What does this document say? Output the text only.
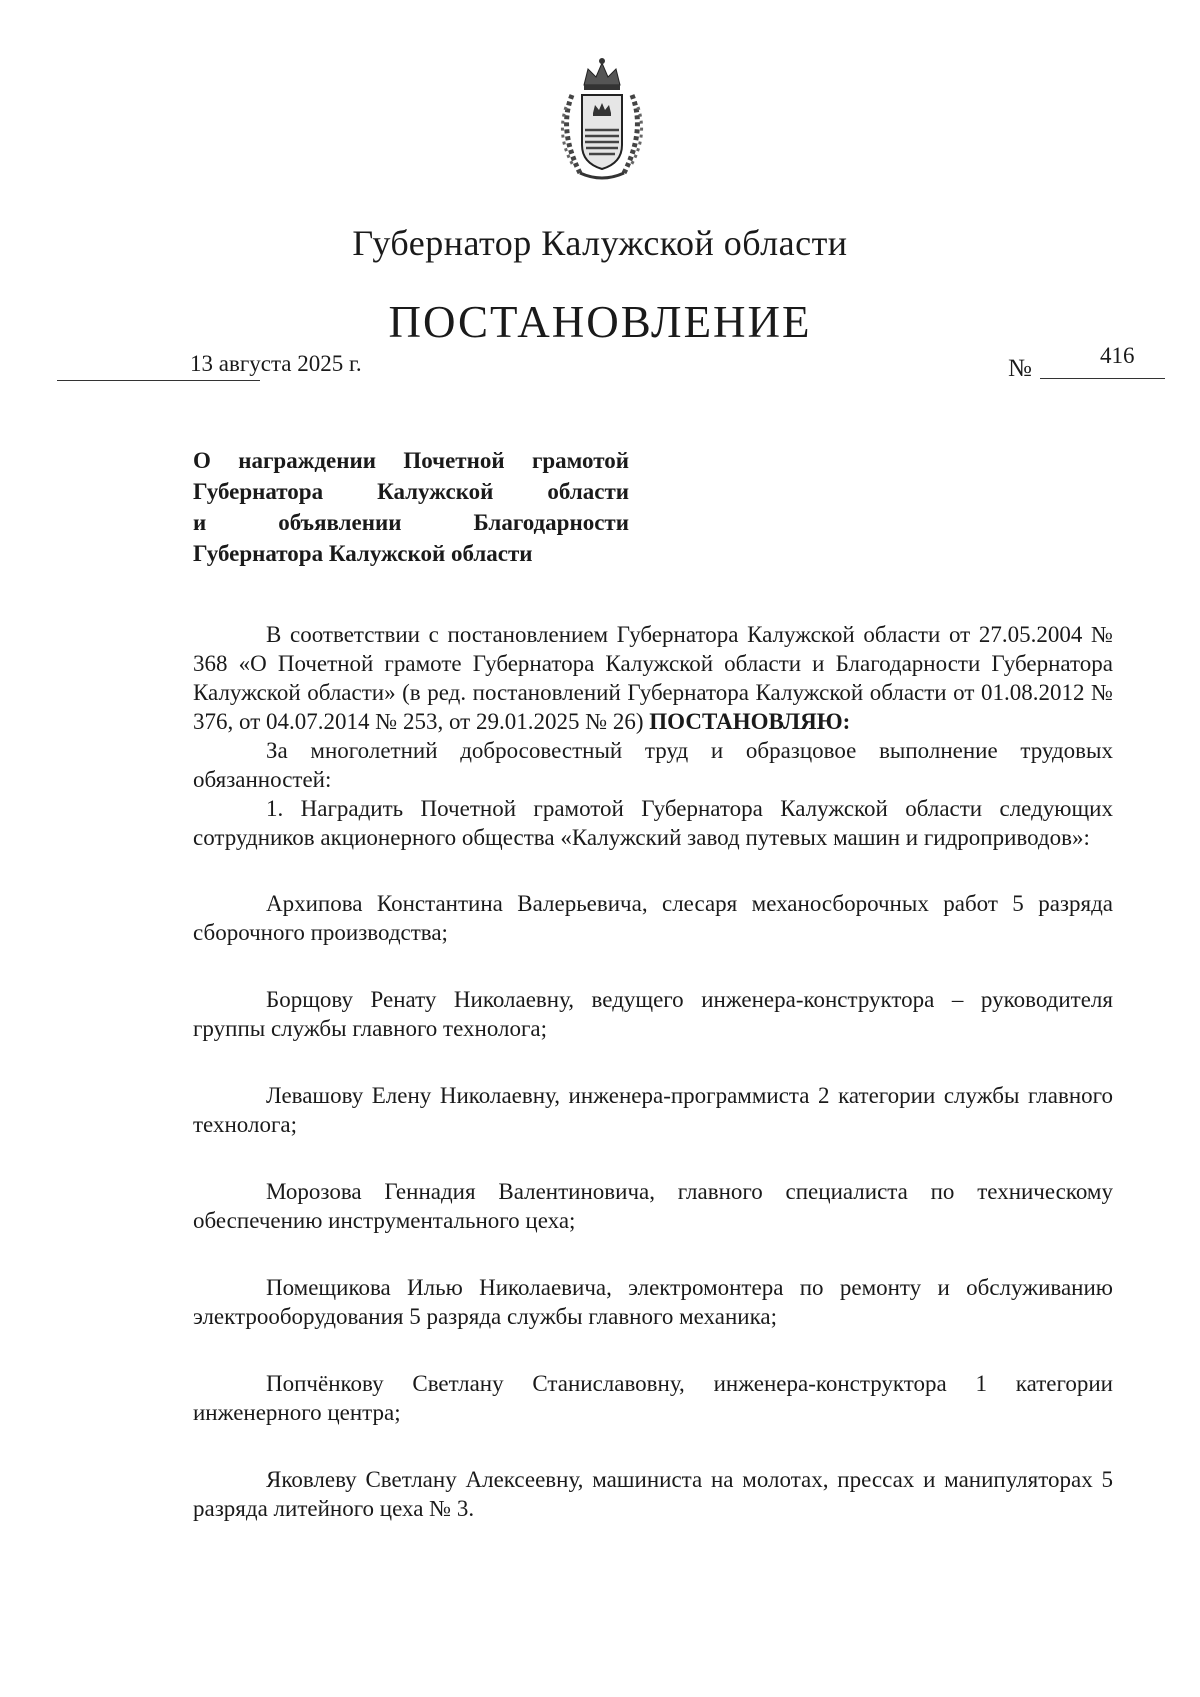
Губернатор Калужской области
ПОСТАНОВЛЕНИЕ
13 августа 2025 г.	№	416
О награждении Почетной грамотой
Губернатора Калужской области
и объявлении Благодарности
Губернатора Калужской области

В соответствии с постановлением Губернатора Калужской области от 27.05.2004 № 368 «О Почетной грамоте Губернатора Калужской области и Благодарности Губернатора Калужской области» (в ред. постановлений Губернатора Калужской области от 01.08.2012 № 376, от 04.07.2014 № 253, от 29.01.2025 № 26) ПОСТАНОВЛЯЮ:

За многолетний добросовестный труд и образцовое выполнение трудовых обязанностей:

1. Наградить Почетной грамотой Губернатора Калужской области следующих сотрудников акционерного общества «Калужский завод путевых машин и гидроприводов»:

Архипова Константина Валерьевича, слесаря механосборочных работ 5 разряда сборочного производства;

Борщову Ренату Николаевну, ведущего инженера-конструктора – руководителя группы службы главного технолога;

Левашову Елену Николаевну, инженера-программиста 2 категории службы главного технолога;

Морозова Геннадия Валентиновича, главного специалиста по техническому обеспечению инструментального цеха;

Помещикова Илью Николаевича, электромонтера по ремонту и обслуживанию электрооборудования 5 разряда службы главного механика;

Попчёнкову Светлану Станиславовну, инженера-конструктора 1 категории инженерного центра;

Яковлеву Светлану Алексеевну, машиниста на молотах, прессах и манипуляторах 5 разряда литейного цеха № 3.
